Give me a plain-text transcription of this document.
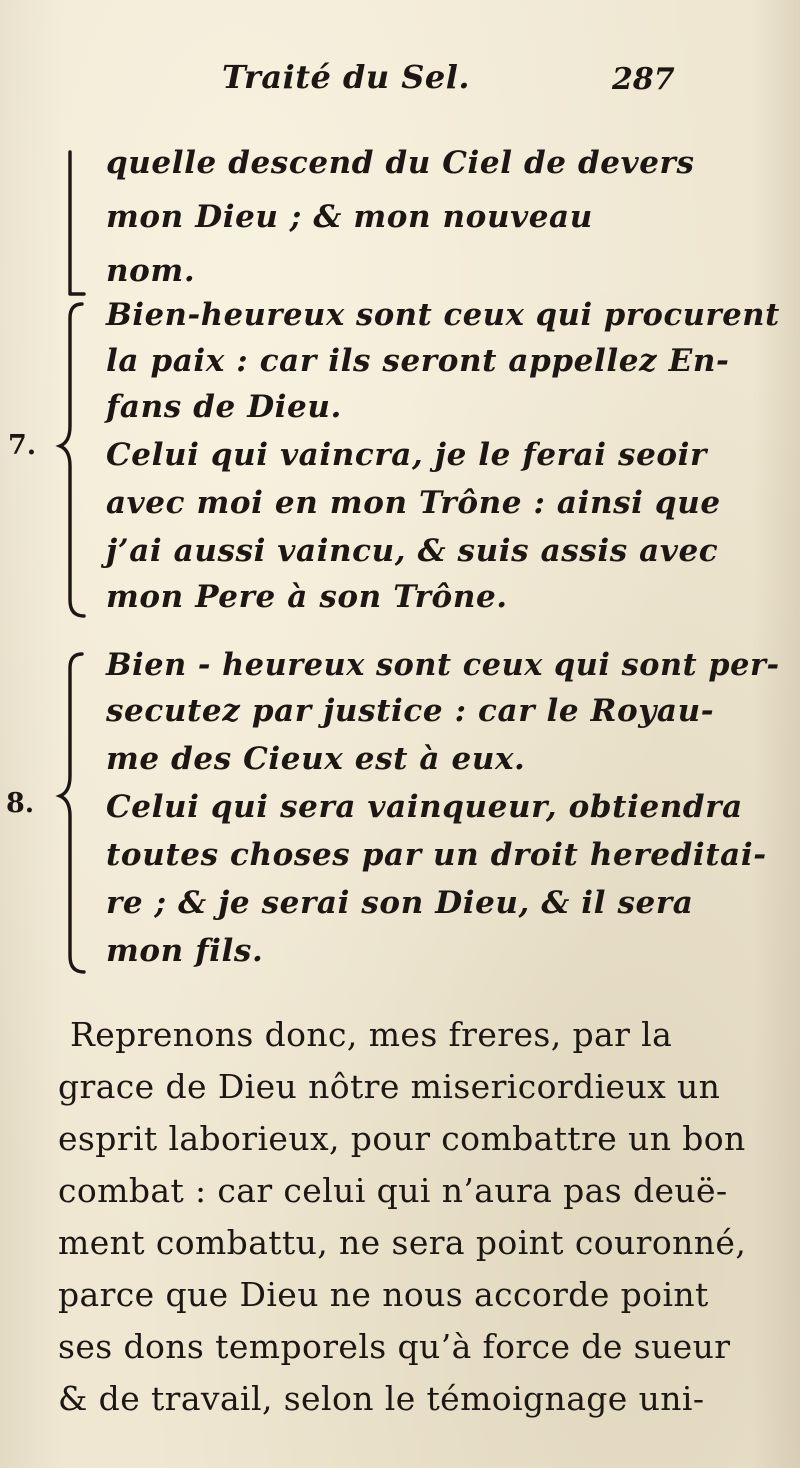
Traité du Sel.	287
quelle descend du Ciel de devers
mon Dieu ; & mon nouveau
nom.
7.
Bien-heureux sont ceux qui procurent
la paix : car ils seront appellez En-
fans de Dieu.
Celui qui vaincra, je le ferai seoir
avec moi en mon Trône : ainsi que
j’ai aussi vaincu, & suis assis avec
mon Pere à son Trône.
8.
Bien - heureux sont ceux qui sont per-
secutez par justice : car le Royau-
me des Cieux est à eux.
Celui qui sera vainqueur, obtiendra
toutes choses par un droit hereditai-
re ; & je serai son Dieu, & il sera
mon fils.
Reprenons donc, mes freres, par la
grace de Dieu nôtre misericordieux un
esprit laborieux, pour combattre un bon
combat : car celui qui n’aura pas deuë-
ment combattu, ne sera point couronné,
parce que Dieu ne nous accorde point
ses dons temporels qu’à force de sueur
& de travail, selon le témoignage uni-
